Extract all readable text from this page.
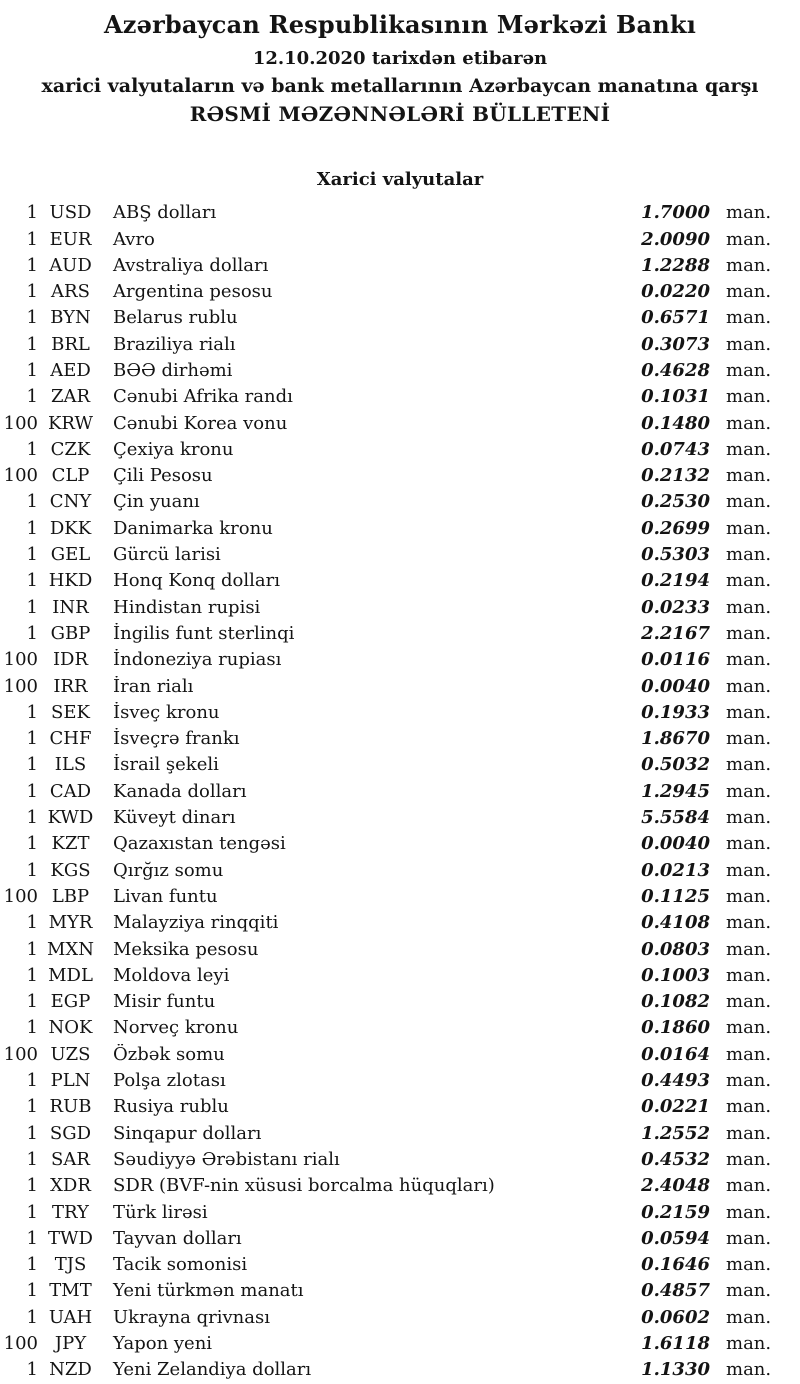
Azərbaycan Respublikasının Mərkəzi Bankı
12.10.2020 tarixdən etibarən
xarici valyutaların və bank metallarının Azərbaycan manatına qarşı
RƏSMİ MƏZƏNNƏLƏRİ BÜLLETENİ
Xarici valyutalar
1 USD	ABŞ dolları	1.7000 man.
1 EUR	Avro	2.0090 man.
1 AUD	Avstraliya dolları	1.2288 man.
1 ARS	Argentina pesosu	0.0220 man.
1 BYN	Belarus rublu	0.6571 man.
1 BRL	Braziliya rialı	0.3073 man.
1 AED	BƏƏ dirhəmi	0.4628 man.
1 ZAR	Cənubi Afrika randı	0.1031 man.
100 KRW	Cənubi Korea vonu	0.1480 man.
1 CZK	Çexiya kronu	0.0743 man.
100 CLP	Çili Pesosu	0.2132 man.
1 CNY	Çin yuanı	0.2530 man.
1 DKK	Danimarka kronu	0.2699 man.
1 GEL	Gürcü larisi	0.5303 man.
1 HKD	Honq Konq dolları	0.2194 man.
1 INR	Hindistan rupisi	0.0233 man.
1 GBP	İngilis funt sterlinqi	2.2167 man.
100 IDR	İndoneziya rupiası	0.0116 man.
100 IRR	İran rialı	0.0040 man.
1 SEK	İsveç kronu	0.1933 man.
1 CHF	İsveçrə frankı	1.8670 man.
1 ILS	İsrail şekeli	0.5032 man.
1 CAD	Kanada dolları	1.2945 man.
1 KWD	Küveyt dinarı	5.5584 man.
1 KZT	Qazaxıstan tengəsi	0.0040 man.
1 KGS	Qırğız somu	0.0213 man.
100 LBP	Livan funtu	0.1125 man.
1 MYR	Malayziya rinqqiti	0.4108 man.
1 MXN	Meksika pesosu	0.0803 man.
1 MDL	Moldova leyi	0.1003 man.
1 EGP	Misir funtu	0.1082 man.
1 NOK	Norveç kronu	0.1860 man.
100 UZS	Özbək somu	0.0164 man.
1 PLN	Polşa zlotası	0.4493 man.
1 RUB	Rusiya rublu	0.0221 man.
1 SGD	Sinqapur dolları	1.2552 man.
1 SAR	Səudiyyə Ərəbistanı rialı	0.4532 man.
1 XDR	SDR (BVF-nin xüsusi borcalma hüquqları)	2.4048 man.
1 TRY	Türk lirəsi	0.2159 man.
1 TWD	Tayvan dolları	0.0594 man.
1 TJS	Tacik somonisi	0.1646 man.
1 TMT	Yeni türkmən manatı	0.4857 man.
1 UAH	Ukrayna qrivnası	0.0602 man.
100 JPY	Yapon yeni	1.6118 man.
1 NZD	Yeni Zelandiya dolları	1.1330 man.
